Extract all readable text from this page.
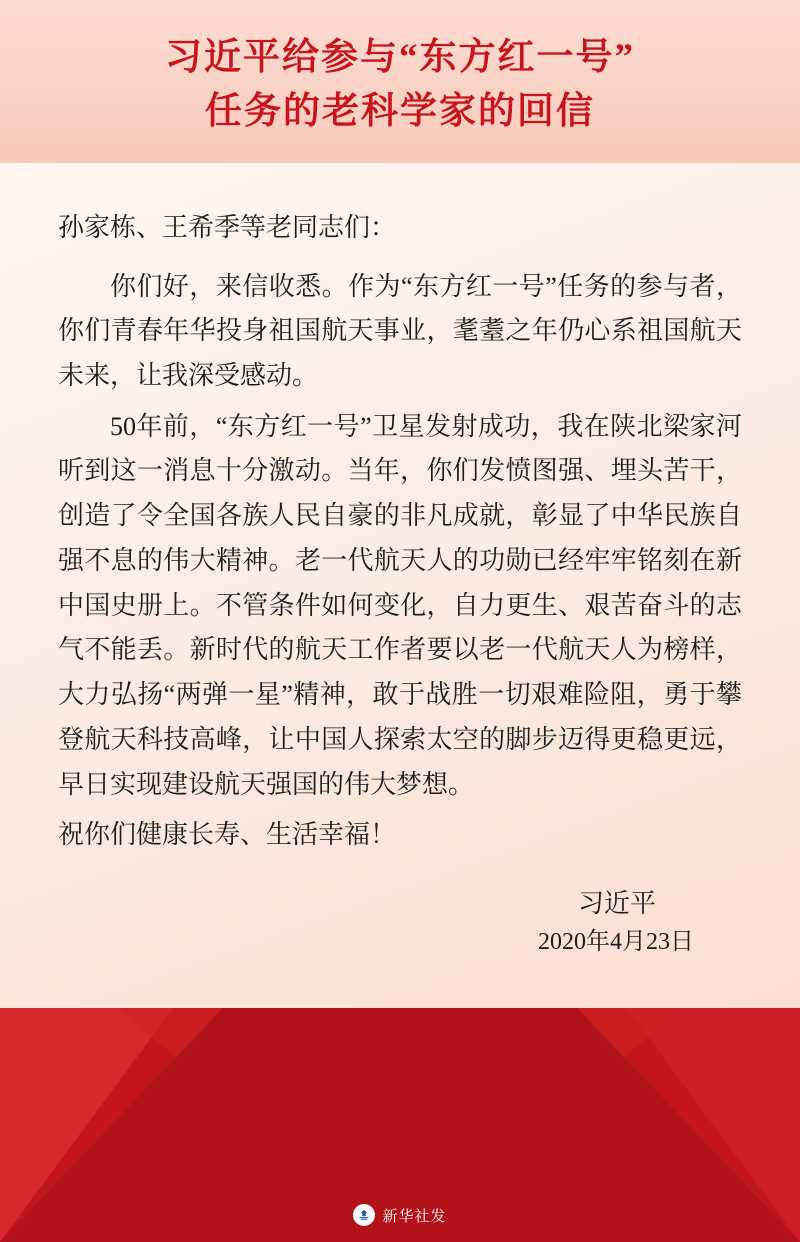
习近平给参与“东方红一号”
任务的老科学家的回信

孙家栋、王希季等老同志们：

你们好，来信收悉。作为“东方红一号”任务的参与者，你们青春年华投身祖国航天事业，耄耋之年仍心系祖国航天未来，让我深受感动。

50年前，“东方红一号”卫星发射成功，我在陕北梁家河听到这一消息十分激动。当年，你们发愤图强、埋头苦干，创造了令全国各族人民自豪的非凡成就，彰显了中华民族自强不息的伟大精神。老一代航天人的功勋已经牢牢铭刻在新中国史册上。不管条件如何变化，自力更生、艰苦奋斗的志气不能丢。新时代的航天工作者要以老一代航天人为榜样，大力弘扬“两弹一星”精神，敢于战胜一切艰难险阻，勇于攀登航天科技高峰，让中国人探索太空的脚步迈得更稳更远，早日实现建设航天强国的伟大梦想。

祝你们健康长寿、生活幸福！

习近平
2020年4月23日
新华社发
